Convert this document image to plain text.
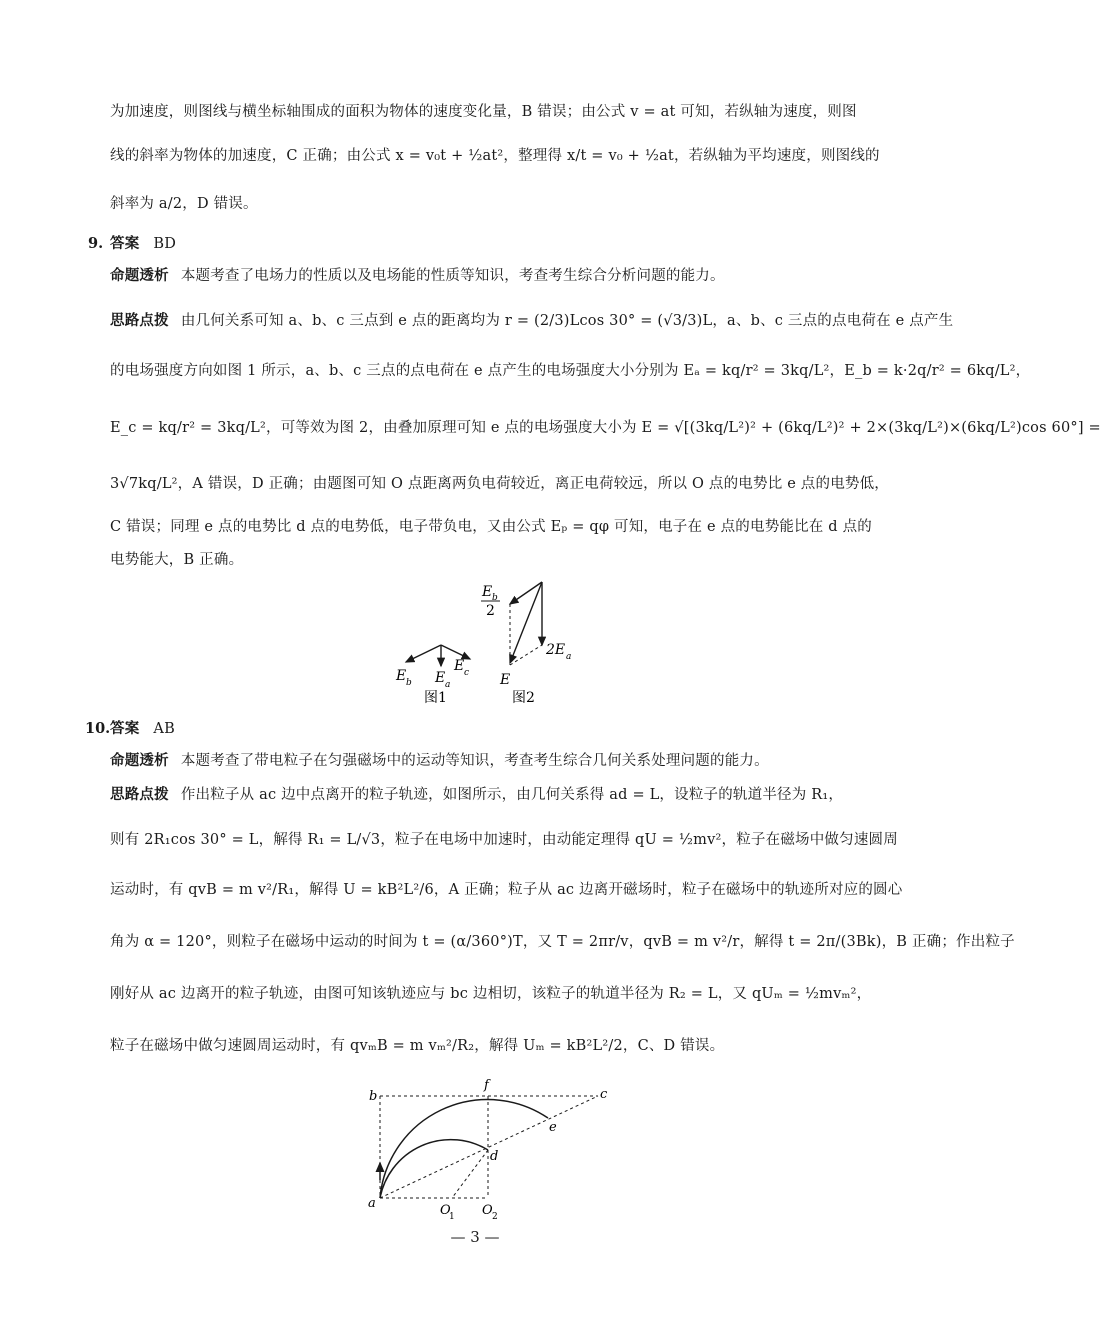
为加速度，则图线与横坐标轴围成的面积为物体的速度变化量，B 错误；由公式 v = at 可知，若纵轴为速度，则图
线的斜率为物体的加速度，C 正确；由公式 x = v₀t + ½at²，整理得 x/t = v₀ + ½at，若纵轴为平均速度，则图线的
斜率为 a/2，D 错误。
9. 答案 BD
命题透析 本题考查了电场力的性质以及电场能的性质等知识，考查考生综合分析问题的能力。
思路点拨 由几何关系可知 a、b、c 三点到 e 点的距离均为 r = (2/3)Lcos 30° = (√3/3)L，a、b、c 三点的点电荷在 e 点产生
的电场强度方向如图 1 所示，a、b、c 三点的点电荷在 e 点产生的电场强度大小分别为 Eₐ = kq/r² = 3kq/L²，E_b = k·2q/r² = 6kq/L²，
E_c = kq/r² = 3kq/L²，可等效为图 2，由叠加原理可知 e 点的电场强度大小为 E = √[(3kq/L²)² + (6kq/L²)² + 2×(3kq/L²)×(6kq/L²)cos 60°] =
3√7kq/L²，A 错误，D 正确；由题图可知 O 点距离两负电荷较近，离正电荷较远，所以 O 点的电势比 e 点的电势低，
C 错误；同理 e 点的电势比 d 点的电势低，电子带负电，又由公式 Eₚ = qφ 可知，电子在 e 点的电势能比在 d 点的
电势能大，B 正确。
E b E a
E c
图1
E b
2
2E a
E
图2
10. 答案 AB
命题透析 本题考查了带电粒子在匀强磁场中的运动等知识，考查考生综合几何关系处理问题的能力。
思路点拨 作出粒子从 ac 边中点离开的粒子轨迹，如图所示，由几何关系得 ad = L，设粒子的轨道半径为 R₁，
则有 2R₁cos 30° = L，解得 R₁ = L/√3，粒子在电场中加速时，由动能定理得 qU = ½mv²，粒子在磁场中做匀速圆周
运动时，有 qvB = m v²/R₁，解得 U = kB²L²/6，A 正确；粒子从 ac 边离开磁场时，粒子在磁场中的轨迹所对应的圆心
角为 α = 120°，则粒子在磁场中运动的时间为 t = (α/360°)T，又 T = 2πr/v，qvB = m v²/r，解得 t = 2π/(3Bk)，B 正确；作出粒子
刚好从 ac 边离开的粒子轨迹，由图可知该轨迹应与 bc 边相切，该粒子的轨道半径为 R₂ = L，又 qUₘ = ½mvₘ²，
粒子在磁场中做匀速圆周运动时，有 qvₘB = m vₘ²/R₂，解得 Uₘ = kB²L²/2，C、D 错误。
b
f
c
e
d
a	O
1 O 2
— 3 —
